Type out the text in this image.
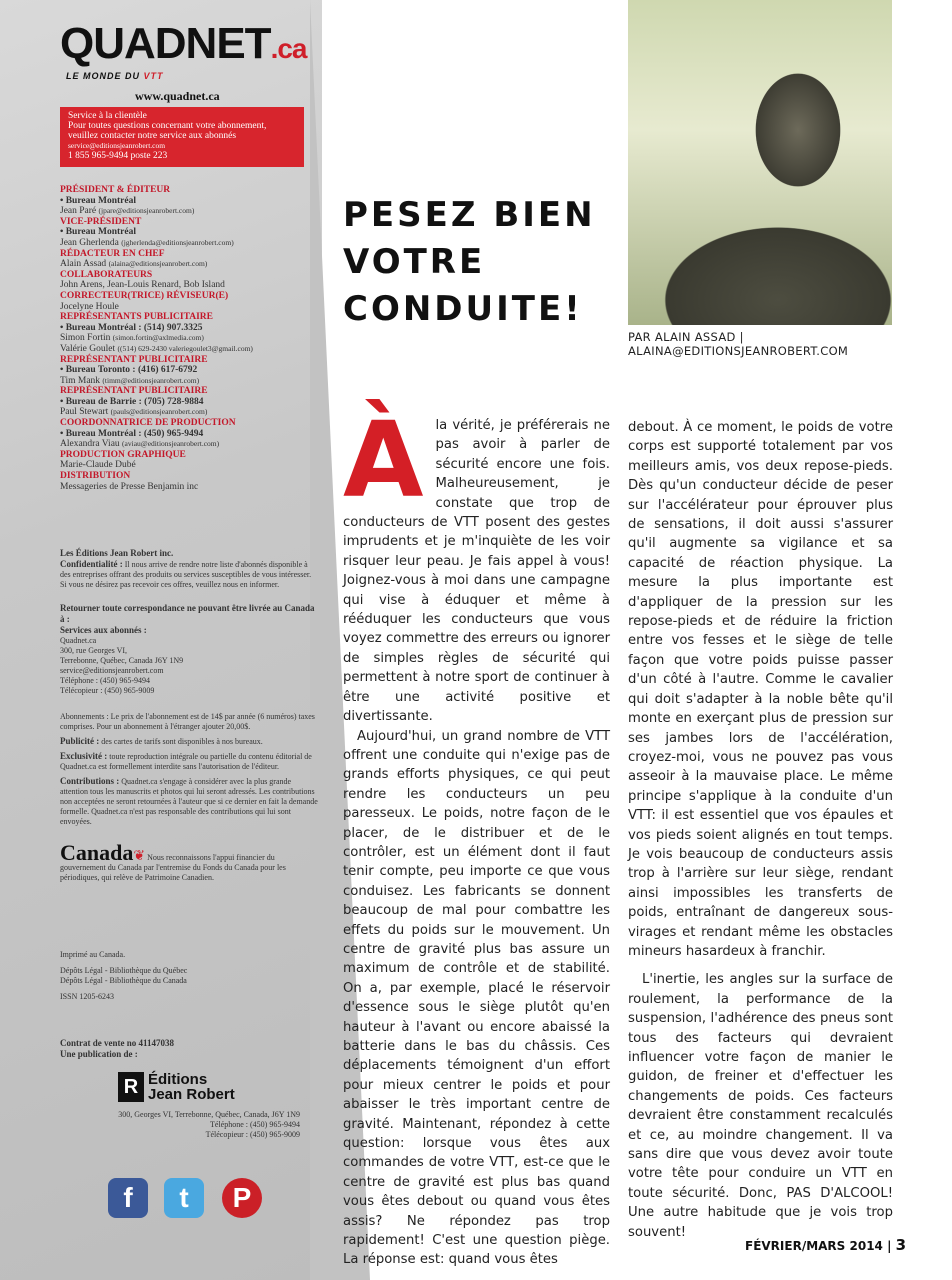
QUADNET.ca
LE MONDE DU VTT
www.quadnet.ca
Service à la clientèle
Pour toutes questions concernant votre abonnement,
veuillez contacter notre service aux abonnés
service@editionsjeanrobert.com
1 855 965-9494 poste 223
PRÉSIDENT & ÉDITEUR
• Bureau Montréal
Jean Paré (jpare@editionsjeanrobert.com)
VICE-PRÉSIDENT
• Bureau Montréal
Jean Gherlenda (jgherlenda@editionsjeanrobert.com)
RÉDACTEUR EN CHEF
Alain Assad (alaina@editionsjeanrobert.com)
COLLABORATEURS
John Arens, Jean-Louis Renard, Bob Island
CORRECTEUR(TRICE) RÉVISEUR(E)
Jocelyne Houle
REPRÉSENTANTS PUBLICITAIRE
• Bureau Montréal : (514) 907.3325
Simon Fortin (simon.fortin@axlmedia.com)
Valérie Goulet ((514) 629-2430 valeriegoulet3@gmail.com)
REPRÉSENTANT PUBLICITAIRE
• Bureau Toronto : (416) 617-6792
Tim Mank (timm@editionsjeanrobert.com)
REPRÉSENTANT PUBLICITAIRE
• Bureau de Barrie : (705) 728-9884
Paul Stewart (pauls@editionsjeanrobert.com)
COORDONNATRICE DE PRODUCTION
• Bureau Montréal : (450) 965-9494
Alexandra Viau (aviau@editionsjeanrobert.com)
PRODUCTION GRAPHIQUE
Marie-Claude Dubé
DISTRIBUTION
Messageries de Presse Benjamin inc
Les Éditions Jean Robert inc.
Confidentialité : Il nous arrive de rendre notre liste d'abonnés disponible à des entreprises offrant des produits ou services susceptibles de vous intéresser. Si vous ne désirez pas recevoir ces offres, veuillez nous en informer.
Retourner toute correspondance ne pouvant être livrée au Canada à :
Services aux abonnés :
Quadnet.ca
300, rue Georges VI,
Terrebonne, Québec, Canada J6Y 1N9
service@editionsjeanrobert.com
Téléphone : (450) 965-9494
Télécopieur : (450) 965-9009
Abonnements : Le prix de l'abonnement est de 14$ par année (6 numéros) taxes comprises. Pour un abonnement à l'étranger ajouter 20,00$.
Publicité : des cartes de tarifs sont disponibles à nos bureaux.
Exclusivité : toute reproduction intégrale ou partielle du contenu éditorial de Quadnet.ca est formellement interdite sans l'autorisation de l'éditeur.
Contributions : Quadnet.ca s'engage à considérer avec la plus grande attention tous les manuscrits et photos qui lui seront adressés. Les contributions non acceptées ne seront retournées à l'auteur que si ce dernier en fait la demande formelle. Quadnet.ca n'est pas responsable des contributions qui lui sont envoyées.
Canada❦ Nous reconnaissons l'appui financier du gouvernement du Canada par l'entremise du Fonds du Canada pour les périodiques, qui relève de Patrimoine Canadien.
Imprimé au Canada.
Dépôts Légal - Bibliothèque du Québec
Dépôts Légal - Bibliothèque du Canada
ISSN 1205-6243
Contrat de vente no 41147038
Une publication de :
R Éditions
Jean Robert
300, Georges VI, Terrebonne, Québec, Canada, J6Y 1N9
Téléphone : (450) 965-9494
Télécopieur : (450) 965-9009
f	t	P
PESEZ BIEN
VOTRE
CONDUITE!
PAR ALAIN ASSAD |
ALAINA@EDITIONSJEANROBERT.COM
À la vérité, je préférerais ne pas avoir à parler de sécurité encore une fois. Malheureusement, je constate que trop de conducteurs de VTT posent des gestes imprudents et je m'inquiète de les voir risquer leur peau. Je fais appel à vous! Joignez-vous à moi dans une campagne qui vise à éduquer et même à rééduquer les conducteurs que vous voyez commettre des erreurs ou ignorer de simples règles de sécurité qui permettent à notre sport de continuer à être une activité positive et divertissante.

Aujourd'hui, un grand nombre de VTT offrent une conduite qui n'exige pas de grands efforts physiques, ce qui peut rendre les conducteurs un peu paresseux. Le poids, notre façon de le placer, de le distribuer et de le contrôler, est un élément dont il faut tenir compte, peu importe ce que vous conduisez. Les fabricants se donnent beaucoup de mal pour combattre les effets du poids sur le mouvement. Un centre de gravité plus bas assure un maximum de contrôle et de stabilité. On a, par exemple, placé le réservoir d'essence sous le siège plutôt qu'en hauteur à l'avant ou encore abaissé la batterie dans le bas du châssis. Ces déplacements témoignent d'un effort pour mieux centrer le poids et pour abaisser le très important centre de gravité. Maintenant, répondez à cette question: lorsque vous êtes aux commandes de votre VTT, est-ce que le centre de gravité est plus bas quand vous êtes debout ou quand vous êtes assis? Ne répondez pas trop rapidement! C'est une question piège. La réponse est: quand vous êtes

debout. À ce moment, le poids de votre corps est supporté totalement par vos meilleurs amis, vos deux repose-pieds. Dès qu'un conducteur décide de peser sur l'accélérateur pour éprouver plus de sensations, il doit aussi s'assurer qu'il augmente sa vigilance et sa capacité de réaction physique. La mesure la plus importante est d'appliquer de la pression sur les repose-pieds et de réduire la friction entre vos fesses et le siège de telle façon que votre poids puisse passer d'un côté à l'autre. Comme le cavalier qui doit s'adapter à la noble bête qu'il monte en exerçant plus de pression sur ses jambes lors de l'accélération, croyez-moi, vous ne pouvez pas vous asseoir à la mauvaise place. Le même principe s'applique à la conduite d'un VTT: il est essentiel que vos épaules et vos pieds soient alignés en tout temps. Je vois beaucoup de conducteurs assis trop à l'arrière sur leur siège, rendant ainsi impossibles les transferts de poids, entraînant de dangereux sous-virages et rendant même les obstacles mineurs hasardeux à franchir.

L'inertie, les angles sur la surface de roulement, la performance de la suspension, l'adhérence des pneus sont tous des facteurs qui devraient influencer votre façon de manier le guidon, de freiner et d'effectuer les changements de poids. Ces facteurs devraient être constamment recalculés et ce, au moindre changement. Il va sans dire que vous devez avoir toute votre tête pour conduire un VTT en toute sécurité. Donc, PAS D'ALCOOL! Une autre habitude que je vois trop souvent!

FÉVRIER/MARS 2014 | 3
